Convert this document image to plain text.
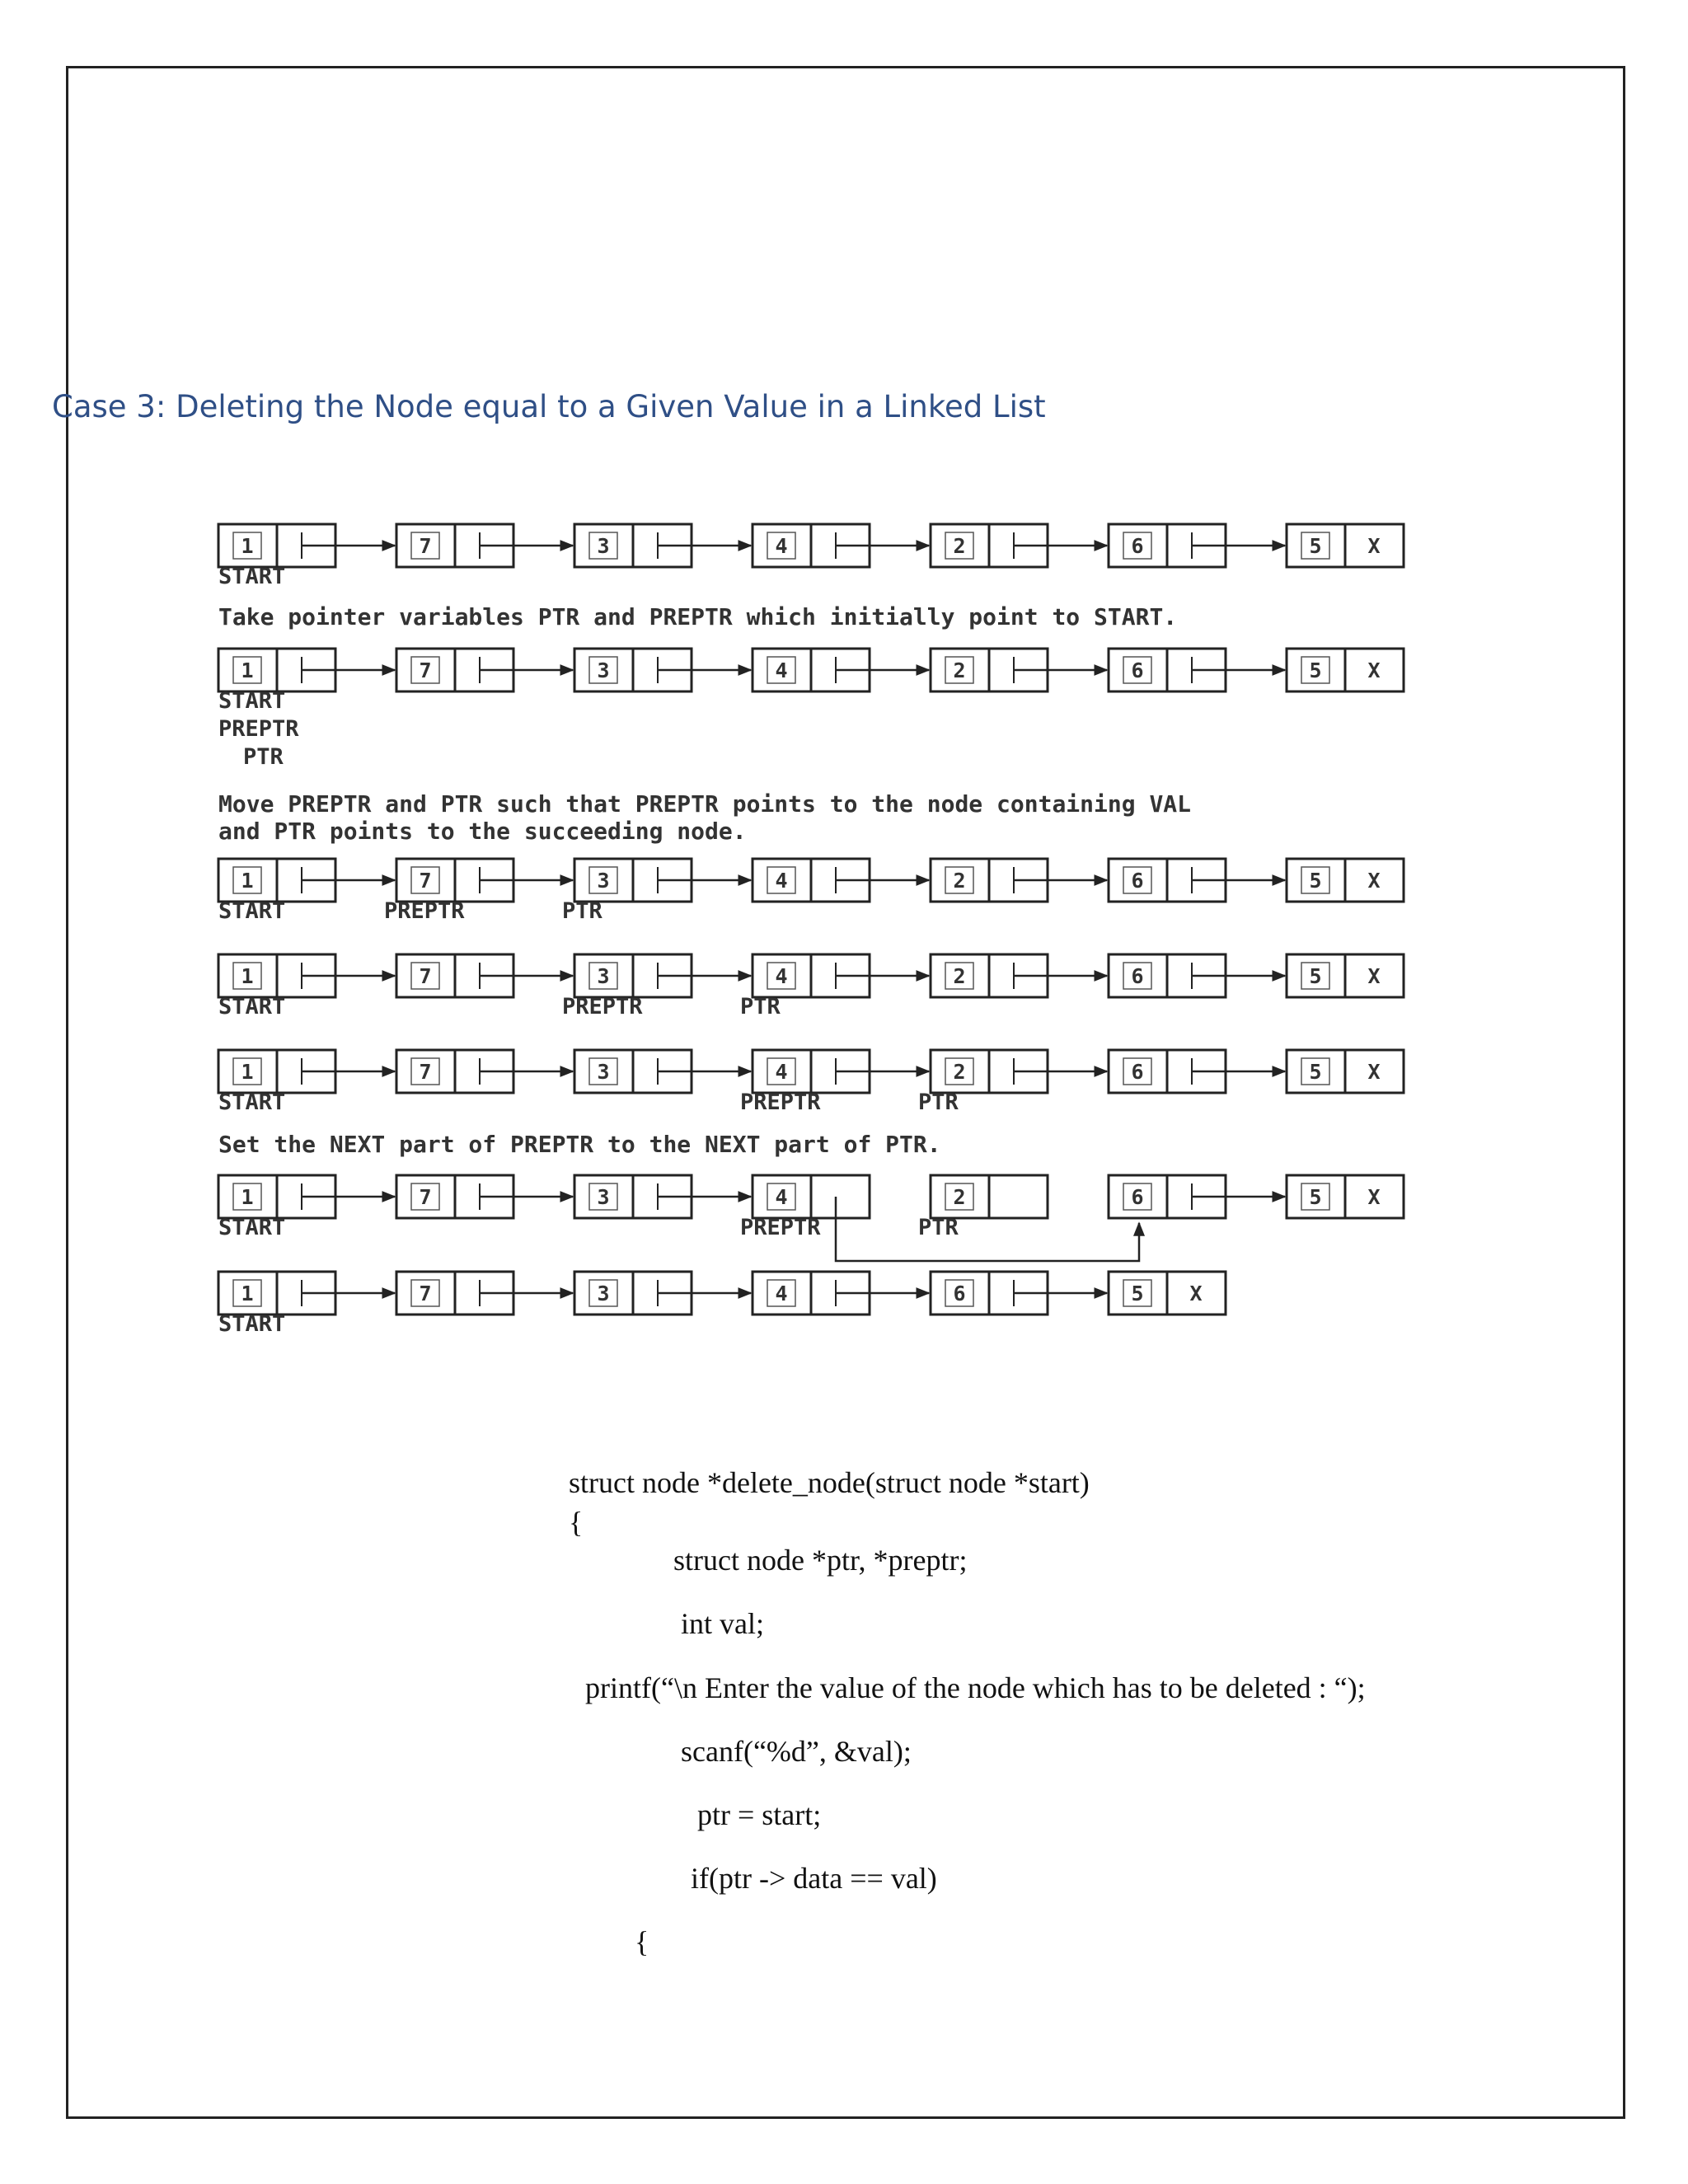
Case 3: Deleting the Node equal to a Given Value in a Linked List
1	7	3	4	2	6	5 X
START
1	7	3	4	2	6	5 X
START
PREPTR
PTR
1	7	3	4	2	6	5 X
START	PREPTR	PTR
1	7	3	4	2	6	5 X
START	PREPTR	PTR
1	7	3	4	2	6	5 X
START	PREPTR	PTR
1	7	3	4	2	6	5 X
START	PREPTR	PTR
1	7	3	4	6	5 X
START
Take pointer variables PTR and PREPTR which initially point to START.
Move PREPTR and PTR such that PREPTR points to the node containing VAL
and PTR points to the succeeding node.
Set the NEXT part of PREPTR to the NEXT part of PTR.

struct node *delete_node(struct node *start)

{

struct node *ptr, *preptr;

int val;

printf(“\n Enter the value of the node which has to be deleted : “);

scanf(“%d”, &val);

ptr = start;

if(ptr -> data == val)

{
